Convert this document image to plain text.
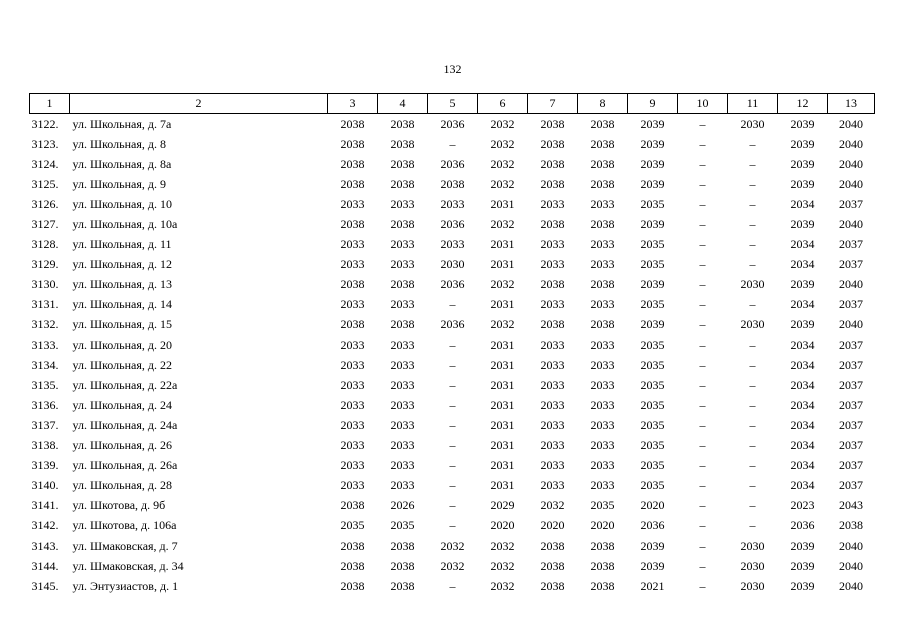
132
1	2	3	4	5	6	7	8	9	10	11	12	13
3122.	ул. Школьная, д. 7а	2038	2038	2036	2032	2038	2038	2039	–	2030	2039	2040
3123.	ул. Школьная, д. 8	2038	2038	–	2032	2038	2038	2039	–	–	2039	2040
3124.	ул. Школьная, д. 8а	2038	2038	2036	2032	2038	2038	2039	–	–	2039	2040
3125.	ул. Школьная, д. 9	2038	2038	2038	2032	2038	2038	2039	–	–	2039	2040
3126.	ул. Школьная, д. 10	2033	2033	2033	2031	2033	2033	2035	–	–	2034	2037
3127.	ул. Школьная, д. 10а	2038	2038	2036	2032	2038	2038	2039	–	–	2039	2040
3128.	ул. Школьная, д. 11	2033	2033	2033	2031	2033	2033	2035	–	–	2034	2037
3129.	ул. Школьная, д. 12	2033	2033	2030	2031	2033	2033	2035	–	–	2034	2037
3130.	ул. Школьная, д. 13	2038	2038	2036	2032	2038	2038	2039	–	2030	2039	2040
3131.	ул. Школьная, д. 14	2033	2033	–	2031	2033	2033	2035	–	–	2034	2037
3132.	ул. Школьная, д. 15	2038	2038	2036	2032	2038	2038	2039	–	2030	2039	2040
3133.	ул. Школьная, д. 20	2033	2033	–	2031	2033	2033	2035	–	–	2034	2037
3134.	ул. Школьная, д. 22	2033	2033	–	2031	2033	2033	2035	–	–	2034	2037
3135.	ул. Школьная, д. 22а	2033	2033	–	2031	2033	2033	2035	–	–	2034	2037
3136.	ул. Школьная, д. 24	2033	2033	–	2031	2033	2033	2035	–	–	2034	2037
3137.	ул. Школьная, д. 24а	2033	2033	–	2031	2033	2033	2035	–	–	2034	2037
3138.	ул. Школьная, д. 26	2033	2033	–	2031	2033	2033	2035	–	–	2034	2037
3139.	ул. Школьная, д. 26а	2033	2033	–	2031	2033	2033	2035	–	–	2034	2037
3140.	ул. Школьная, д. 28	2033	2033	–	2031	2033	2033	2035	–	–	2034	2037
3141.	ул. Шкотова, д. 9б	2038	2026	–	2029	2032	2035	2020	–	–	2023	2043
3142.	ул. Шкотова, д. 106а	2035	2035	–	2020	2020	2020	2036	–	–	2036	2038
3143.	ул. Шмаковская, д. 7	2038	2038	2032	2032	2038	2038	2039	–	2030	2039	2040
3144.	ул. Шмаковская, д. 34	2038	2038	2032	2032	2038	2038	2039	–	2030	2039	2040
3145.	ул. Энтузиастов, д. 1	2038	2038	–	2032	2038	2038	2021	–	2030	2039	2040
